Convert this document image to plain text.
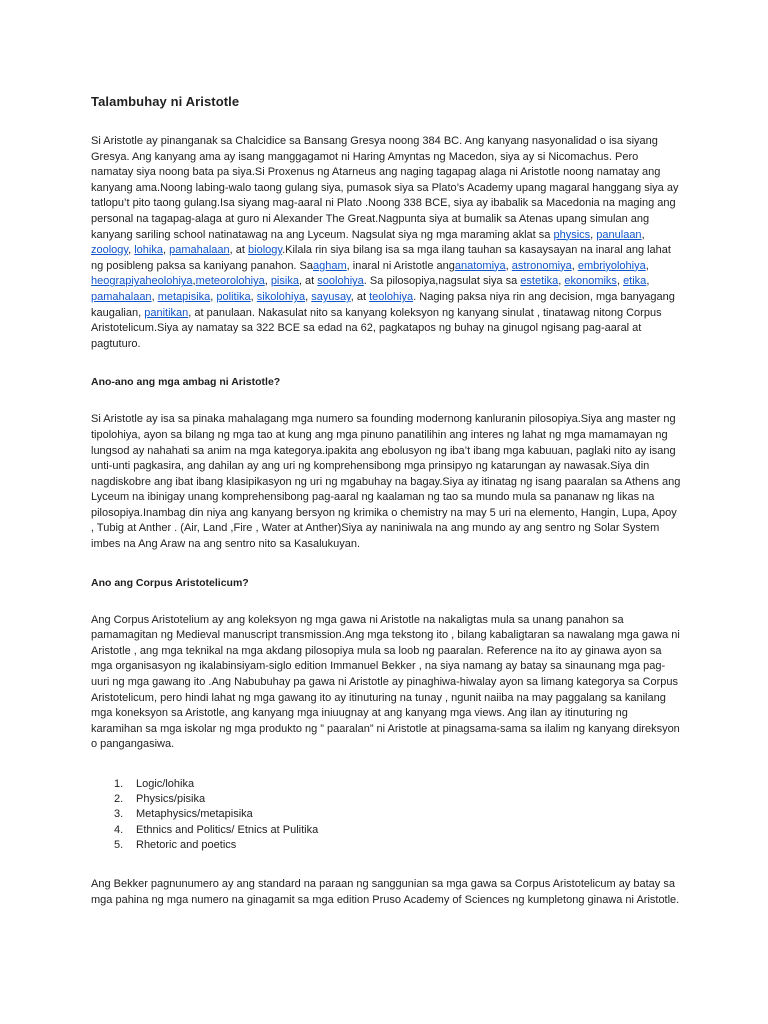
Talambuhay ni Aristotle

Si Aristotle ay pinanganak sa Chalcidice sa Bansang Gresya noong 384 BC. Ang kanyang nasyonalidad o isa siyang Gresya. Ang kanyang ama ay isang manggagamot ni Haring Amyntas ng Macedon, siya ay si Nicomachus. Pero namatay siya noong bata pa siya.Si Proxenus ng Atarneus ang naging tagapag alaga ni Aristotle noong namatay ang kanyang ama.Noong labing-walo taong gulang siya, pumasok siya sa Plato’s Academy upang magaral hanggang siya ay tatlopu’t pito taong gulang.Isa siyang mag-aaral ni Plato .Noong 338 BCE, siya ay ibabalik sa Macedonia na maging ang personal na tagapag-alaga at guro ni Alexander The Great.Nagpunta siya at bumalik sa Atenas upang simulan ang kanyang sariling school natinatawag na ang Lyceum. Nagsulat siya ng mga maraming aklat sa physics, panulaan, zoology, lohika, pamahalaan, at biology.Kilala rin siya bilang isa sa mga ilang tauhan sa kasaysayan na inaral ang lahat ng posibleng paksa sa kaniyang panahon. Saagham, inaral ni Aristotle anganatomiya, astronomiya, embriyolohiya, heograpiyaheolohiya,meteorolohiya, pisika, at soolohiya. Sa pilosopiya,nagsulat siya sa estetika, ekonomiks, etika, pamahalaan, metapisika, politika, sikolohiya, sayusay, at teolohiya. Naging paksa niya rin ang decision, mga banyagang kaugalian, panitikan, at panulaan. Nakasulat nito sa kanyang koleksyon ng kanyang sinulat , tinatawag nitong Corpus Aristotelicum.Siya ay namatay sa 322 BCE sa edad na 62, pagkatapos ng buhay na ginugol ngisang pag-aaral at pagtuturo.

Ano-ano ang mga ambag ni Aristotle?

Si Aristotle ay isa sa pinaka mahalagang mga numero sa founding modernong kanluranin pilosopiya.Siya ang master ng tipolohiya, ayon sa bilang ng mga tao at kung ang mga pinuno panatilihin ang interes ng lahat ng mga mamamayan ng lungsod ay nahahati sa anim na mga kategorya.ipakita ang ebolusyon ng iba’t ibang mga kabuuan, paglaki nito ay isang unti-unti pagkasira, ang dahilan ay ang uri ng komprehensibong mga prinsipyo ng katarungan ay nawasak.Siya din nagdiskobre ang ibat ibang klasipikasyon ng uri ng mgabuhay na bagay.Siya ay itinatag ng isang paaralan sa Athens ang Lyceum na ibinigay unang komprehensibong pag-aaral ng kaalaman ng tao sa mundo mula sa pananaw ng likas na pilosopiya.Inambag din niya ang kanyang bersyon ng krimika o chemistry na may 5 uri na elemento, Hangin, Lupa, Apoy , Tubig at Anther . (Air, Land ,Fire , Water at Anther)Siya ay naniniwala na ang mundo ay ang sentro ng Solar System imbes na Ang Araw na ang sentro nito sa Kasalukuyan.

Ano ang Corpus Aristotelicum?

Ang Corpus Aristotelium ay ang koleksyon ng mga gawa ni Aristotle na nakaligtas mula sa unang panahon sa pamamagitan ng Medieval manuscript transmission.Ang mga tekstong ito , bilang kabaligtaran sa nawalang mga gawa ni Aristotle , ang mga teknikal na mga akdang pilosopiya mula sa loob ng paaralan. Reference na ito ay ginawa ayon sa mga organisasyon ng ikalabinsiyam-siglo edition Immanuel Bekker , na siya namang ay batay sa sinaunang mga pag-uuri ng mga gawang ito .Ang Nabubuhay pa gawa ni Aristotle ay pinaghiwa-hiwalay ayon sa limang kategorya sa Corpus Aristotelicum, pero hindi lahat ng mga gawang ito ay itinuturing na tunay , ngunit naiiba na may paggalang sa kanilang mga koneksyon sa Aristotle, ang kanyang mga iniuugnay at ang kanyang mga views. Ang ilan ay itinuturing ng karamihan sa mga iskolar ng mga produkto ng ” paaralan” ni Aristotle at pinagsama-sama sa ilalim ng kanyang direksyon o pangangasiwa.

1. Logic/lohika
2. Physics/pisika
3. Metaphysics/metapisika
4. Ethnics and Politics/ Etnics at Pulitika
5. Rhetoric and poetics

Ang Bekker pagnunumero ay ang standard na paraan ng sanggunian sa mga gawa sa Corpus Aristotelicum ay batay sa mga pahina ng mga numero na ginagamit sa mga edition Pruso Academy of Sciences ng kumpletong ginawa ni Aristotle.
